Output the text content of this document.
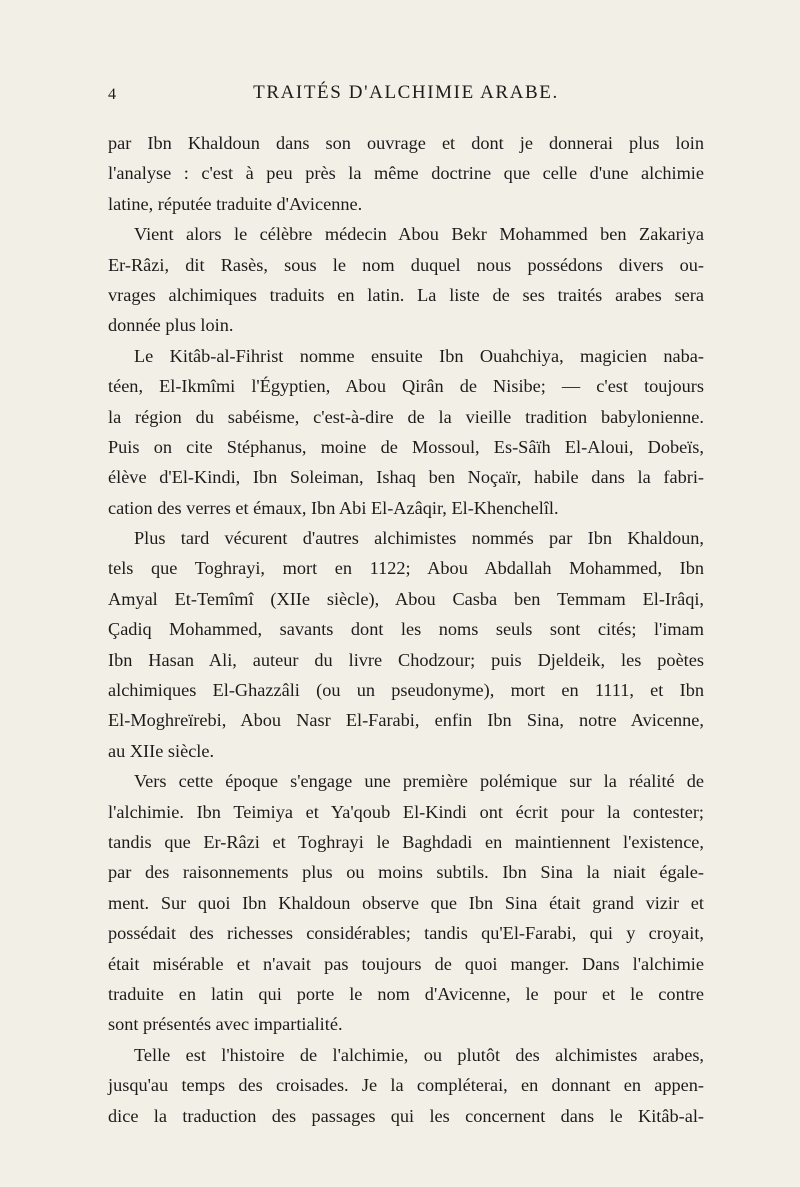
4	TRAITÉS D'ALCHIMIE ARABE.
par Ibn Khaldoun dans son ouvrage et dont je donnerai plus loin
l'analyse : c'est à peu près la même doctrine que celle d'une alchimie
latine, réputée traduite d'Avicenne.
Vient alors le célèbre médecin Abou Bekr Mohammed ben Zakariya
Er-Râzi, dit Rasès, sous le nom duquel nous possédons divers ou-
vrages alchimiques traduits en latin. La liste de ses traités arabes sera
donnée plus loin.
Le Kitâb-al-Fihrist nomme ensuite Ibn Ouahchiya, magicien naba-
téen, El-Ikmîmi l'Égyptien, Abou Qirân de Nisibe; — c'est toujours
la région du sabéisme, c'est-à-dire de la vieille tradition babylonienne.
Puis on cite Stéphanus, moine de Mossoul, Es-Sâïh El-Aloui, Dobeïs,
élève d'El-Kindi, Ibn Soleiman, Ishaq ben Noçaïr, habile dans la fabri-
cation des verres et émaux, Ibn Abi El-Azâqir, El-Khenchelîl.
Plus tard vécurent d'autres alchimistes nommés par Ibn Khaldoun,
tels que Toghrayi, mort en 1122; Abou Abdallah Mohammed, Ibn
Amyal Et-Temîmî (XIIe siècle), Abou Casba ben Temmam El-Irâqi,
Çadiq Mohammed, savants dont les noms seuls sont cités; l'imam
Ibn Hasan Ali, auteur du livre Chodzour; puis Djeldeik, les poètes
alchimiques El-Ghazzâli (ou un pseudonyme), mort en 1111, et Ibn
El-Moghreïrebi, Abou Nasr El-Farabi, enfin Ibn Sina, notre Avicenne,
au XIIe siècle.
Vers cette époque s'engage une première polémique sur la réalité de
l'alchimie. Ibn Teimiya et Ya'qoub El-Kindi ont écrit pour la contester;
tandis que Er-Râzi et Toghrayi le Baghdadi en maintiennent l'existence,
par des raisonnements plus ou moins subtils. Ibn Sina la niait égale-
ment. Sur quoi Ibn Khaldoun observe que Ibn Sina était grand vizir et
possédait des richesses considérables; tandis qu'El-Farabi, qui y croyait,
était misérable et n'avait pas toujours de quoi manger. Dans l'alchimie
traduite en latin qui porte le nom d'Avicenne, le pour et le contre
sont présentés avec impartialité.
Telle est l'histoire de l'alchimie, ou plutôt des alchimistes arabes,
jusqu'au temps des croisades. Je la compléterai, en donnant en appen-
dice la traduction des passages qui les concernent dans le Kitâb-al-
